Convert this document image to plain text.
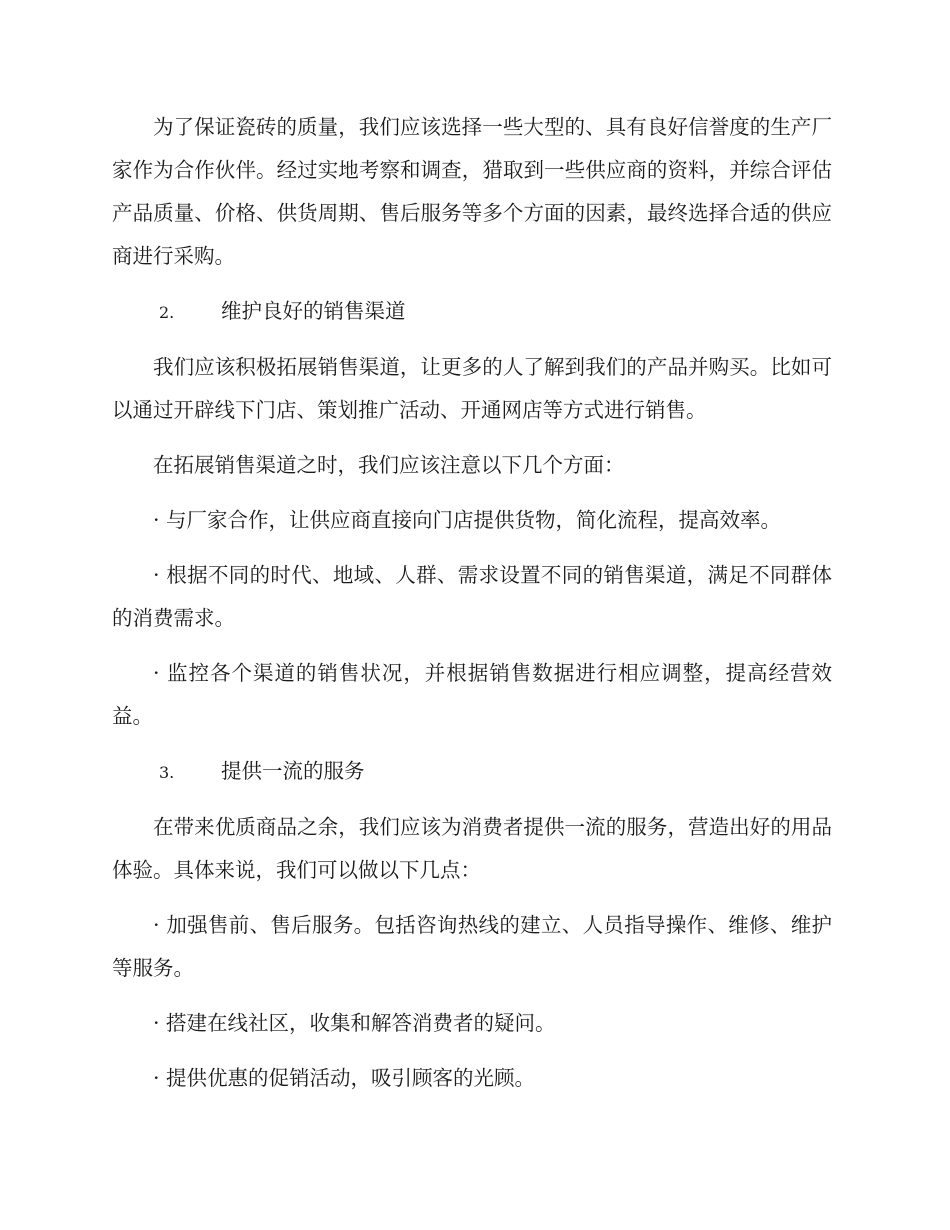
为了保证瓷砖的质量，我们应该选择一些大型的、具有良好信誉度的生产厂家作为合作伙伴。经过实地考察和调查，猎取到一些供应商的资料，并综合评估产品质量、价格、供货周期、售后服务等多个方面的因素，最终选择合适的供应商进行采购。

2.	维护良好的销售渠道

我们应该积极拓展销售渠道，让更多的人了解到我们的产品并购买。比如可以通过开辟线下门店、策划推广活动、开通网店等方式进行销售。

在拓展销售渠道之时，我们应该注意以下几个方面：

· 与厂家合作，让供应商直接向门店提供货物，简化流程，提高效率。

· 根据不同的时代、地域、人群、需求设置不同的销售渠道，满足不同群体的消费需求。

· 监控各个渠道的销售状况，并根据销售数据进行相应调整，提高经营效益。

3.	提供一流的服务

在带来优质商品之余，我们应该为消费者提供一流的服务，营造出好的用品体验。具体来说，我们可以做以下几点：

· 加强售前、售后服务。包括咨询热线的建立、人员指导操作、维修、维护等服务。

· 搭建在线社区，收集和解答消费者的疑问。

· 提供优惠的促销活动，吸引顾客的光顾。
